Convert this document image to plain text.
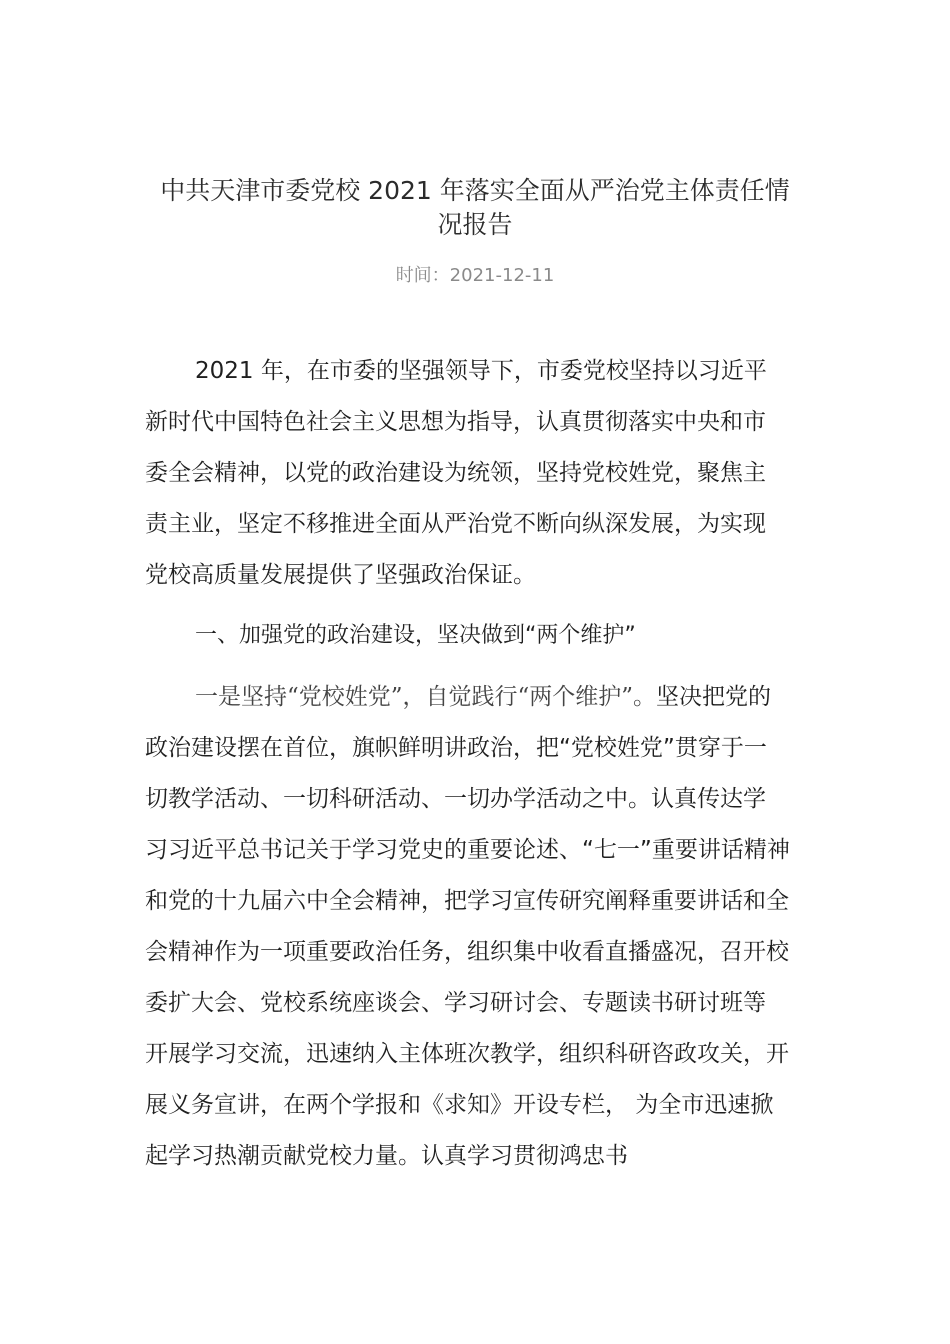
中共天津市委党校 2021 年落实全面从严治党主体责任情
况报告
时间：2021-12-11
2021 年，在市委的坚强领导下，市委党校坚持以习近平
新时代中国特色社会主义思想为指导，认真贯彻落实中央和市
委全会精神，以党的政治建设为统领，坚持党校姓党，聚焦主
责主业，坚定不移推进全面从严治党不断向纵深发展，为实现
党校高质量发展提供了坚强政治保证。
一、加强党的政治建设，坚决做到“两个维护”
一是坚持“党校姓党”，自觉践行“两个维护”。坚决把党的
政治建设摆在首位，旗帜鲜明讲政治，把“党校姓党”贯穿于一
切教学活动、一切科研活动、一切办学活动之中。认真传达学
习习近平总书记关于学习党史的重要论述、“七一”重要讲话精神
和党的十九届六中全会精神，把学习宣传研究阐释重要讲话和全
会精神作为一项重要政治任务，组织集中收看直播盛况，召开校
委扩大会、党校系统座谈会、学习研讨会、专题读书研讨班等
开展学习交流，迅速纳入主体班次教学，组织科研咨政攻关，开
展义务宣讲，在两个学报和《求知》开设专栏， 为全市迅速掀
起学习热潮贡献党校力量。认真学习贯彻鸿忠书
